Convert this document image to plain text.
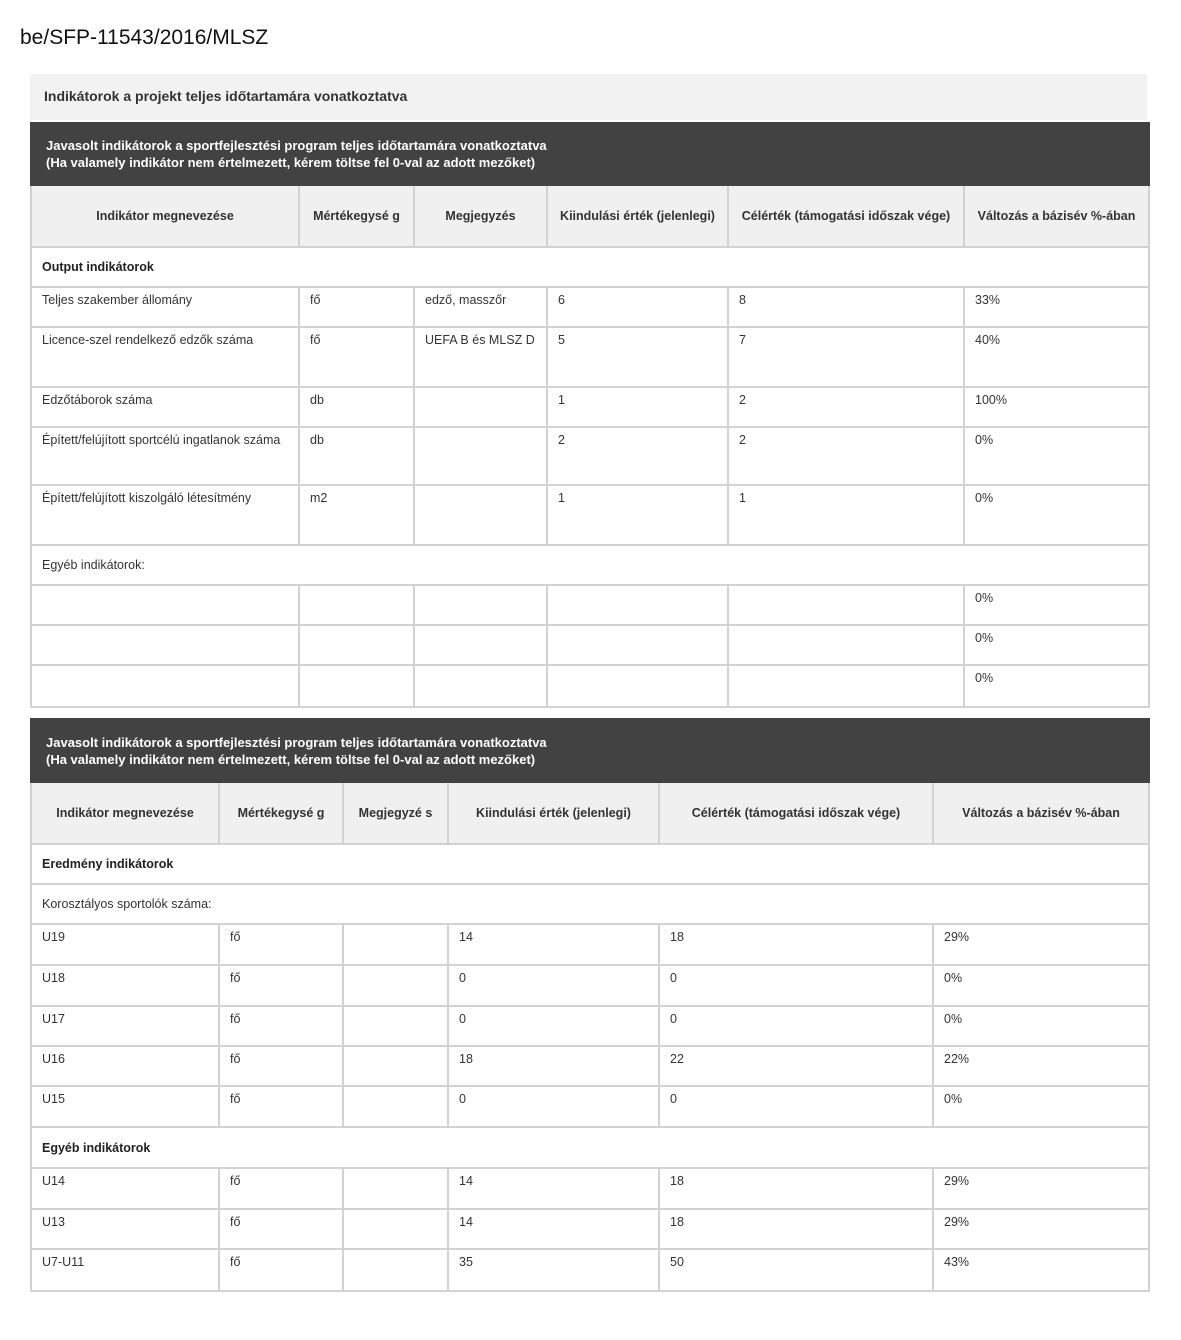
be/SFP-11543/2016/MLSZ
Indikátorok a projekt teljes időtartamára vonatkoztatva
Javasolt indikátorok a sportfejlesztési program teljes időtartamára vonatkoztatva
(Ha valamely indikátor nem értelmezett, kérem töltse fel 0-val az adott mezőket)					

Indikátor megnevezése	Mértékegysé g	Megjegyzés	Kiindulási érték (jelenlegi)	Célérték (támogatási időszak vége)	Változás a bázisév %-ában
Output indikátorok					
Teljes szakember állomány	fő	edző, masszőr	6	8	33%
Licence-szel rendelkező edzők száma	fő	UEFA B és MLSZ D	5	7	40%
Edzőtáborok száma	db		1	2	100%
Épített/felújított sportcélú ingatlanok száma	db		2	2	0%
Épített/felújított kiszolgáló létesítmény	m2		1	1	0%
Egyéb indikátorok:					
					0%
					0%
					0%
Javasolt indikátorok a sportfejlesztési program teljes időtartamára vonatkoztatva
(Ha valamely indikátor nem értelmezett, kérem töltse fel 0-val az adott mezőket)					

Indikátor megnevezése	Mértékegysé g	Megjegyzé s	Kiindulási érték (jelenlegi)	Célérték (támogatási időszak vége)	Változás a bázisév %-ában
Eredmény indikátorok					
Korosztályos sportolók száma:					
U19	fő		14	18	29%
U18	fő		0	0	0%
U17	fő		0	0	0%
U16	fő		18	22	22%
U15	fő		0	0	0%
Egyéb indikátorok					
U14	fő		14	18	29%
U13	fő		14	18	29%
U7-U11	fő		35	50	43%
